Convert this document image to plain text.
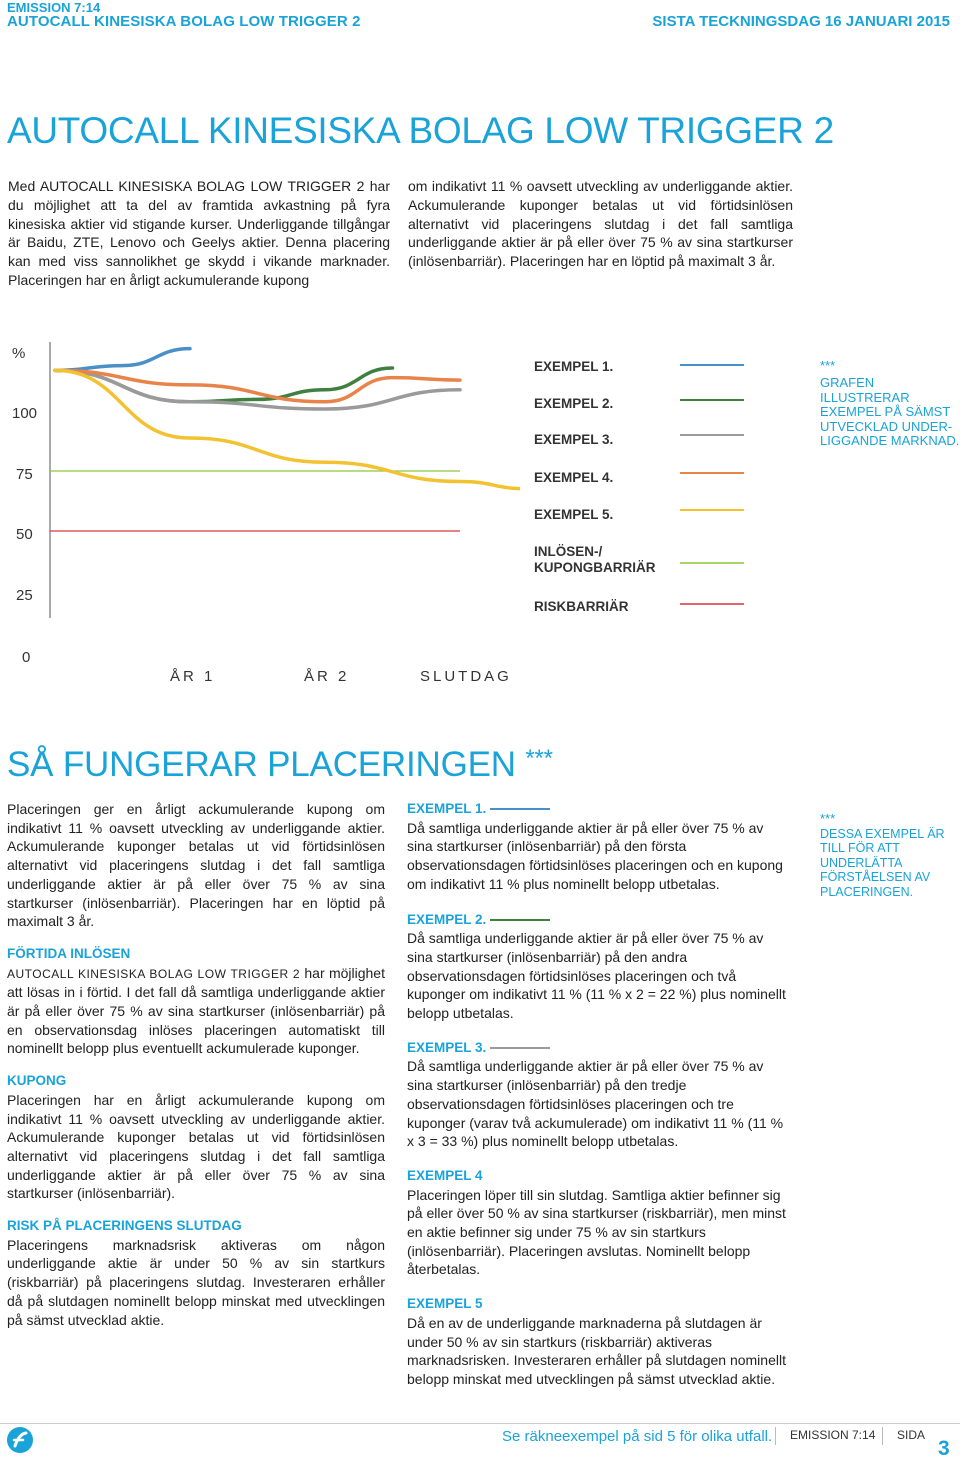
EMISSION 7:14
AUTOCALL KINESISKA BOLAG LOW TRIGGER 2	SISTA TECKNINGSDAG 16 JANUARI 2015
AUTOCALL KINESISKA BOLAG LOW TRIGGER 2
Med AUTOCALL KINESISKA BOLAG LOW TRIGGER 2 har du möjlighet att ta del av framtida avkastning på fyra kinesiska aktier vid stigande kurser. Underliggande tillgångar är Baidu, ZTE, Lenovo och Geelys aktier. Denna placering kan med viss sannolikhet ge skydd i vikande marknader. Placeringen har en årligt ackumulerande kupong
om indikativt 11 % oavsett utveckling av underliggande aktier. Ackumulerande kuponger betalas ut vid förtidsinlösen alternativt vid placeringens slutdag i det fall samtliga underliggande aktier är på eller över 75 % av sina startkurser (inlösenbarriär). Placeringen har en löptid på maximalt 3 år.
%
100
75
50
25
0
ÅR 1	ÅR 2	SLUTDAG
EXEMPEL 1.
EXEMPEL 2.
EXEMPEL 3.
EXEMPEL 4.
EXEMPEL 5.
INLÖSEN-/ KUPONGBARRIÄR
RISKBARRIÄR
***
GRAFEN ILLUSTRERAR EXEMPEL PÅ SÄMST UTVECKLAD UNDER-LIGGANDE MARKNAD.
SÅ FUNGERAR PLACERINGEN ***

Placeringen ger en årligt ackumulerande kupong om indikativt 11 % oavsett utveckling av underliggande aktier. Ackumulerande kuponger betalas ut vid förtidsinlösen alternativt vid placeringens slutdag i det fall samtliga underliggande aktier är på eller över 75 % av sina startkurser (inlösenbarriär). Placeringen har en löptid på maximalt 3 år.

FÖRTIDA INLÖSEN

AUTOCALL KINESISKA BOLAG LOW TRIGGER 2 har möjlighet att lösas in i förtid. I det fall då samtliga underliggande aktier är på eller över 75 % av sina startkurser (inlösenbarriär) på en observationsdag inlöses placeringen automatiskt till nominellt belopp plus eventuellt ackumulerade kuponger.

KUPONG

Placeringen har en årligt ackumulerande kupong om indikativt 11 % oavsett utveckling av underliggande aktier. Ackumulerande kuponger betalas ut vid förtidsinlösen alternativt vid placeringens slutdag i det fall samtliga underliggande aktier är på eller över 75 % av sina startkurser (inlösenbarriär).

RISK PÅ PLACERINGENS SLUTDAG

Placeringens marknadsrisk aktiveras om någon underliggande aktie är under 50 % av sin startkurs (riskbarriär) på placeringens slutdag. Investeraren erhåller då på slutdagen nominellt belopp minskat med utvecklingen på sämst utvecklad aktie.

EXEMPEL 1.
Då samtliga underliggande aktier är på eller över 75 % av sina startkurser (inlösenbarriär) på den första observationsdagen förtidsinlöses placeringen och en kupong om indikativt 11 % plus nominellt belopp utbetalas.
EXEMPEL 2.
Då samtliga underliggande aktier är på eller över 75 % av sina startkurser (inlösenbarriär) på den andra observationsdagen förtidsinlöses placeringen och två kuponger om indikativt 11 % (11 % x 2 = 22 %) plus nominellt belopp utbetalas.
EXEMPEL 3.
Då samtliga underliggande aktier är på eller över 75 % av sina startkurser (inlösenbarriär) på den tredje observationsdagen förtidsinlöses placeringen och tre kuponger (varav två ackumulerade) om indikativt 11 % (11 % x 3 = 33 %) plus nominellt belopp utbetalas.
EXEMPEL 4
Placeringen löper till sin slutdag. Samtliga aktier befinner sig på eller över 50 % av sina startkurser (riskbarriär), men minst en aktie befinner sig under 75 % av sin startkurs (inlösenbarriär). Placeringen avslutas. Nominellt belopp återbetalas.
EXEMPEL 5
Då en av de underliggande marknaderna på slutdagen är under 50 % av sin startkurs (riskbarriär) aktiveras marknadsrisken. Investeraren erhåller på slutdagen nominellt belopp minskat med utvecklingen på sämst utvecklad aktie.
***
DESSA EXEMPEL ÄR TILL FÖR ATT UNDERLÄTTA FÖRSTÅELSEN AV PLACERINGEN.
Se räkneexempel på sid 5 för olika utfall. EMISSION 7:14 SIDA
3
